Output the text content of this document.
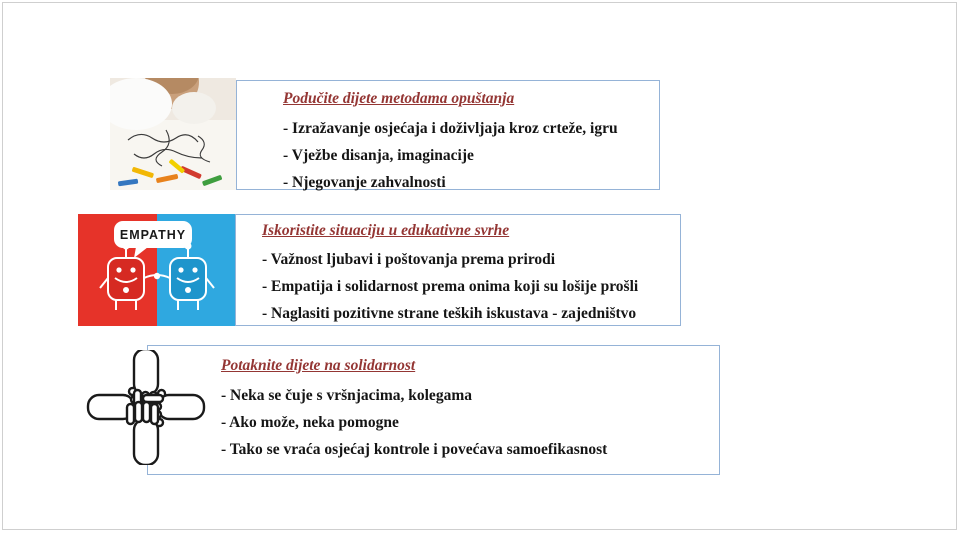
Podučite dijete metodama opuštanja

- Izražavanje osjećaja i doživljaja kroz crteže, igru

- Vježbe disanja, imaginacije

- Njegovanje zahvalnosti

EMPATHY	Iskoristite situaciju u edukativne svrhe

- Važnost ljubavi i poštovanja prema prirodi

- Empatija i solidarnost prema onima koji su lošije prošli

- Naglasiti pozitivne strane teških iskustava - zajedništvo

Potaknite dijete na solidarnost

- Neka se čuje s vršnjacima, kolegama

- Ako može, neka pomogne

- Tako se vraća osjećaj kontrole i povećava samoefikasnost
